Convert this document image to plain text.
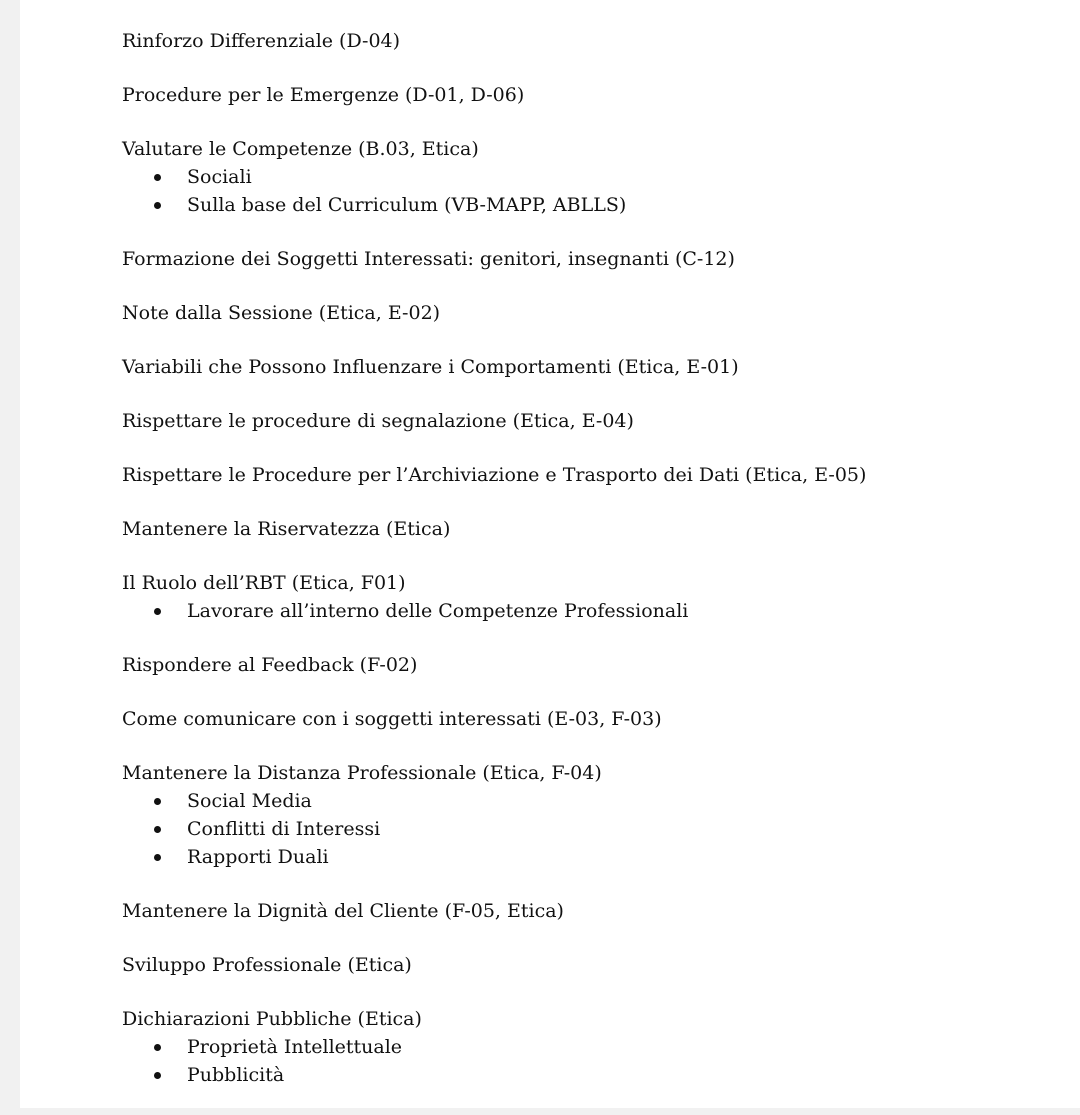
Rinforzo Differenziale (D-04)
Procedure per le Emergenze (D-01, D-06)
Valutare le Competenze (B.03, Etica)
Sociali
Sulla base del Curriculum (VB-MAPP, ABLLS)
Formazione dei Soggetti Interessati: genitori, insegnanti (C-12)
Note dalla Sessione (Etica, E-02)
Variabili che Possono Influenzare i Comportamenti (Etica, E-01)
Rispettare le procedure di segnalazione (Etica, E-04)
Rispettare le Procedure per l’Archiviazione e Trasporto dei Dati (Etica, E-05)
Mantenere la Riservatezza (Etica)
Il Ruolo dell’RBT (Etica, F01)
Lavorare all’interno delle Competenze Professionali
Rispondere al Feedback (F-02)
Come comunicare con i soggetti interessati (E-03, F-03)
Mantenere la Distanza Professionale (Etica, F-04)
Social Media
Conflitti di Interessi
Rapporti Duali
Mantenere la Dignità del Cliente (F-05, Etica)
Sviluppo Professionale (Etica)
Dichiarazioni Pubbliche (Etica)
Proprietà Intellettuale
Pubblicità
